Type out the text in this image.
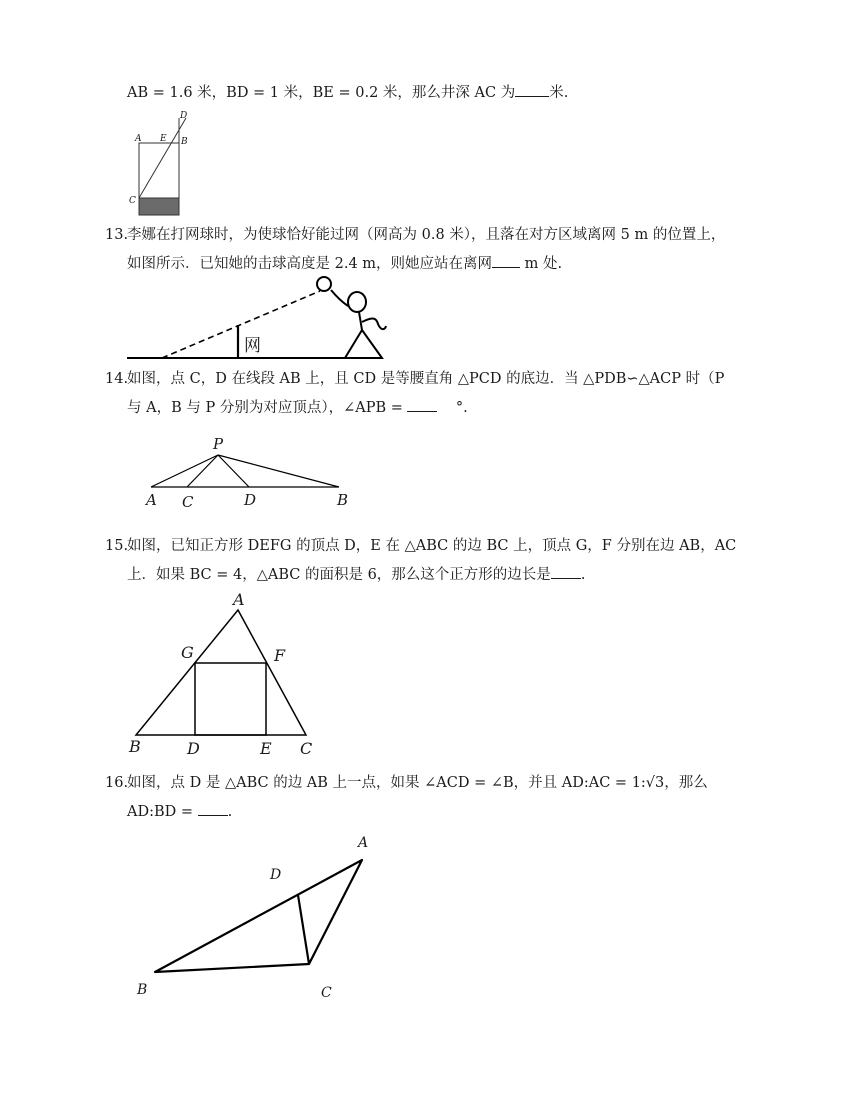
AB = 1.6 米，BD = 1 米，BE = 0.2 米，那么井深 AC 为 米.
13.
李娜在打网球时，为使球恰好能过网（网高为 0.8 米），且落在对方区域离网 5 m 的位置上，
如图所示．已知她的击球高度是 2.4 m，则她应站在离网 m 处.
14.
如图，点 C，D 在线段 AB 上，且 CD 是等腰直角 △PCD 的底边．当 △PDB∽△ACP 时（P
与 A，B 与 P 分别为对应顶点），∠APB =	°.
15.
如图，已知正方形 DEFG 的顶点 D，E 在 △ABC 的边 BC 上，顶点 G，F 分别在边 AB，AC
上．如果 BC = 4，△ABC 的面积是 6，那么这个正方形的边长是 .
16.
如图，点 D 是 △ABC 的边 AB 上一点，如果 ∠ACD = ∠B，并且 AD:AC = 1:√3，那么
AD:BD = .
D
A E B
C
网
P
A C	D	B
A
G	F
B	D	E C
A
D
B	C
